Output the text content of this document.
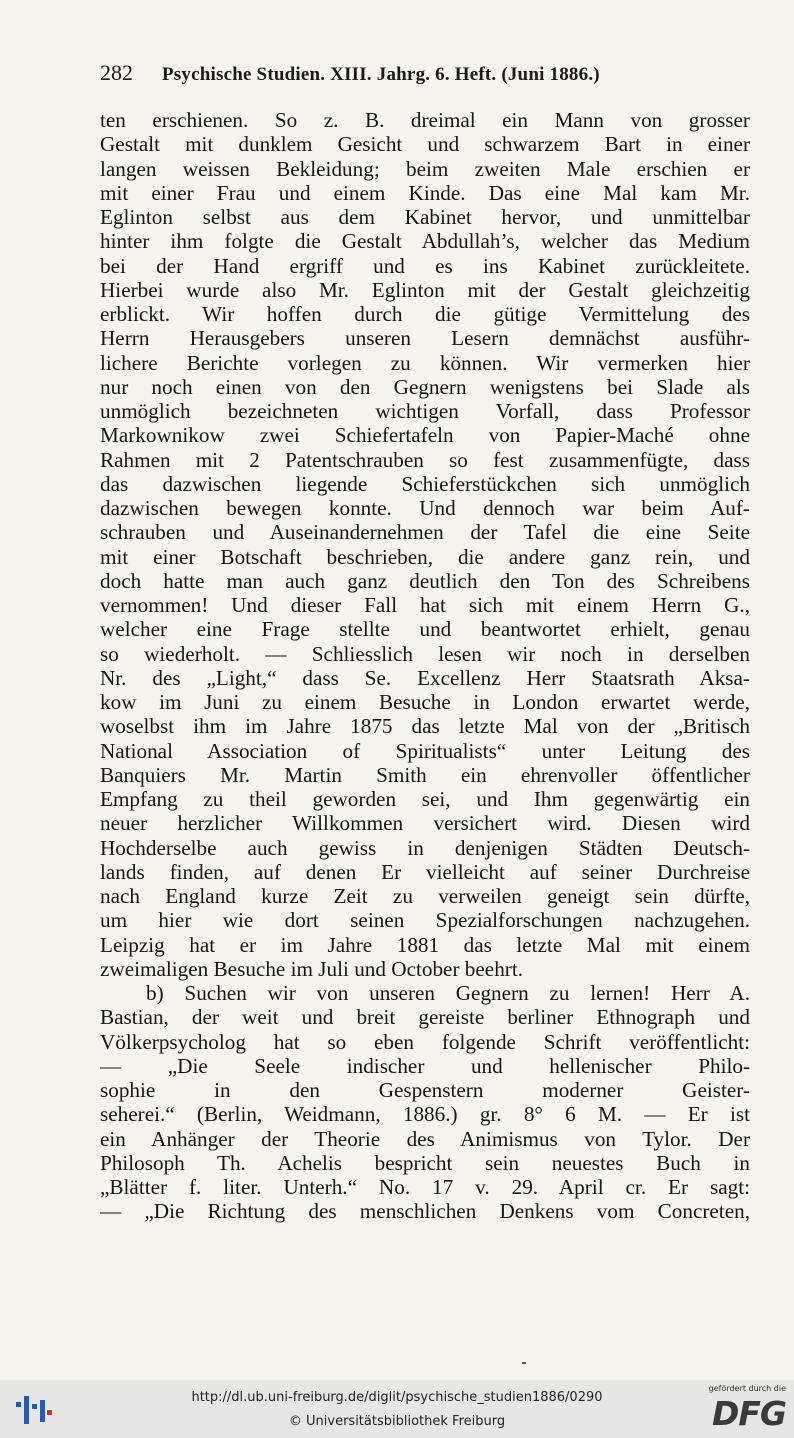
282 Psychische Studien. XIII. Jahrg. 6. Heft. (Juni 1886.)
ten erschienen. So z. B. dreimal ein Mann von grosser
Gestalt mit dunklem Gesicht und schwarzem Bart in einer
langen weissen Bekleidung; beim zweiten Male erschien er
mit einer Frau und einem Kinde. Das eine Mal kam Mr.
Eglinton selbst aus dem Kabinet hervor, und unmittelbar
hinter ihm folgte die Gestalt Abdullah’s, welcher das Medium
bei der Hand ergriff und es ins Kabinet zurückleitete.
Hierbei wurde also Mr. Eglinton mit der Gestalt gleichzeitig
erblickt. Wir hoffen durch die gütige Vermittelung des
Herrn Herausgebers unseren Lesern demnächst ausführ-
lichere Berichte vorlegen zu können. Wir vermerken hier
nur noch einen von den Gegnern wenigstens bei Slade als
unmöglich bezeichneten wichtigen Vorfall, dass Professor
Markownikow zwei Schiefertafeln von Papier-Maché ohne
Rahmen mit 2 Patentschrauben so fest zusammenfügte, dass
das dazwischen liegende Schieferstückchen sich unmöglich
dazwischen bewegen konnte. Und dennoch war beim Auf-
schrauben und Auseinandernehmen der Tafel die eine Seite
mit einer Botschaft beschrieben, die andere ganz rein, und
doch hatte man auch ganz deutlich den Ton des Schreibens
vernommen! Und dieser Fall hat sich mit einem Herrn G.,
welcher eine Frage stellte und beantwortet erhielt, genau
so wiederholt. — Schliesslich lesen wir noch in derselben
Nr. des „Light,“ dass Se. Excellenz Herr Staatsrath Aksa-
kow im Juni zu einem Besuche in London erwartet werde,
woselbst ihm im Jahre 1875 das letzte Mal von der „Britisch
National Association of Spiritualists“ unter Leitung des
Banquiers Mr. Martin Smith ein ehrenvoller öffentlicher
Empfang zu theil geworden sei, und Ihm gegenwärtig ein
neuer herzlicher Willkommen versichert wird. Diesen wird
Hochderselbe auch gewiss in denjenigen Städten Deutsch-
lands finden, auf denen Er vielleicht auf seiner Durchreise
nach England kurze Zeit zu verweilen geneigt sein dürfte,
um hier wie dort seinen Spezialforschungen nachzugehen.
Leipzig hat er im Jahre 1881 das letzte Mal mit einem
zweimaligen Besuche im Juli und October beehrt.
b) Suchen wir von unseren Gegnern zu lernen! Herr A.
Bastian, der weit und breit gereiste berliner Ethnograph und
Völkerpsycholog hat so eben folgende Schrift veröffentlicht:
— „Die Seele indischer und hellenischer Philo-
sophie in den Gespenstern moderner Geister-
seherei.“ (Berlin, Weidmann, 1886.) gr. 8° 6 M. — Er ist
ein Anhänger der Theorie des Animismus von Tylor. Der
Philosoph Th. Achelis bespricht sein neuestes Buch in
„Blätter f. liter. Unterh.“ No. 17 v. 29. April cr. Er sagt:
— „Die Richtung des menschlichen Denkens vom Concreten,
http://dl.ub.uni-freiburg.de/diglit/psychische_studien1886/0290
© Universitätsbibliothek Freiburg
gefördert durch die
DFG
